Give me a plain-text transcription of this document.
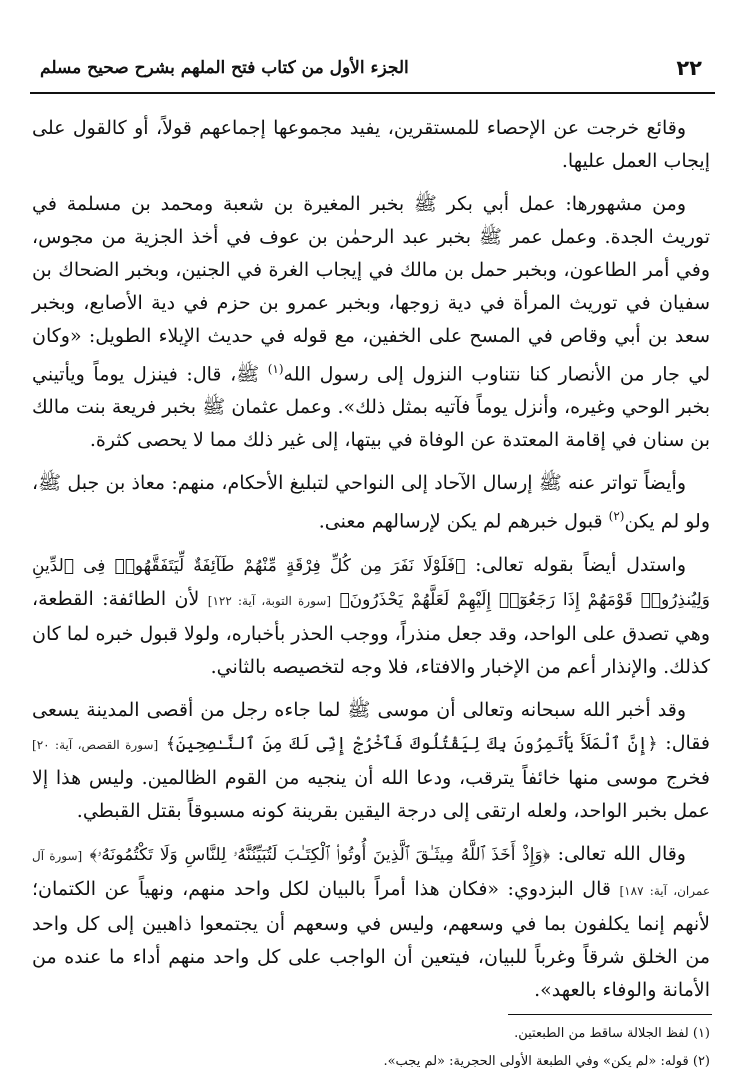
٢٢
الجزء الأول من كتاب فتح الملهم بشرح صحيح مسلم

وقائع خرجت عن الإحصاء للمستقرين، يفيد مجموعها إجماعهم قولاً، أو كالقول على إيجاب العمل عليها.

ومن مشهورها: عمل أبي بكر ﷺ بخبر المغيرة بن شعبة ومحمد بن مسلمة في توريث الجدة. وعمل عمر ﷺ بخبر عبد الرحمٰن بن عوف في أخذ الجزية من مجوس، وفي أمر الطاعون، وبخبر حمل بن مالك في إيجاب الغرة في الجنين، وبخبر الضحاك بن سفيان في توريث المرأة في دية زوجها، وبخبر عمرو بن حزم في دية الأصابع، وبخبر سعد بن أبي وقاص في المسح على الخفين، مع قوله في حديث الإيلاء الطويل: «وكان لي جار من الأنصار كنا نتناوب النزول إلى رسول الله$^{(١)}$ ﷺ، قال: فينزل يوماً ويأتيني بخبر الوحي وغيره، وأنزل يوماً فآتيه بمثل ذلك». وعمل عثمان ﷺ بخبر فريعة بنت مالك بن سنان في إقامة المعتدة عن الوفاة في بيتها، إلى غير ذلك مما لا يحصى كثرة.

وأيضاً تواتر عنه ﷺ إرسال الآحاد إلى النواحي لتبليغ الأحكام، منهم: معاذ بن جبل ﷺ، ولو لم يكن$^{(٢)}$ قبول خبرهم لم يكن لإرسالهم معنى.

واستدل أيضاً بقوله تعالى: ﴿فَلَوْلَا نَفَرَ مِن كُلِّ فِرْقَةٍ مِّنْهُمْ طَآئِفَةٌ لِّيَتَفَقَّهُوا۟ فِى ٱلدِّينِ وَلِيُنذِرُوا۟ قَوْمَهُمْ إِذَا رَجَعُوٓا۟ إِلَيْهِمْ لَعَلَّهُمْ يَحْذَرُونَ﴾ [سورة التوبة، آية: ١٢٢] لأن الطائفة: القطعة، وهي تصدق على الواحد، وقد جعل منذراً، ووجب الحذر بأخباره، ولولا قبول خبره لما كان كذلك. والإنذار أعم من الإخبار والافتاء، فلا وجه لتخصيصه بالثاني.

وقد أخبر الله سبحانه وتعالى أن موسى ﷺ لما جاءه رجل من أقصى المدينة يسعى فقال: ﴿إِنَّ ٱلْمَلَأَ يَأْتَمِرُونَ بِكَ لِيَقْتُلُوكَ فَٱخْرُجْ إِنِّى لَكَ مِنَ ٱلنَّـٰصِحِينَ﴾ [سورة القصص، آية: ٢٠] فخرج موسى منها خائفاً يترقب، ودعا الله أن ينجيه من القوم الظالمين. وليس هذا إلا عمل بخبر الواحد، ولعله ارتقى إلى درجة اليقين بقرينة كونه مسبوقاً بقتل القبطي.

وقال الله تعالى: ﴿وَإِذْ أَخَذَ ٱللَّهُ مِيثَـٰقَ ٱلَّذِينَ أُوتُوا۟ ٱلْكِتَـٰبَ لَتُبَيِّنُنَّهُۥ لِلنَّاسِ وَلَا تَكْتُمُونَهُۥ﴾ [سورة آل عمران، آية: ١٨٧] قال البزدوي: «فكان هذا أمراً بالبيان لكل واحد منهم، ونهياً عن الكتمان؛ لأنهم إنما يكلفون بما في وسعهم، وليس في وسعهم أن يجتمعوا ذاهبين إلى كل واحد من الخلق شرقاً وغرباً للبيان، فيتعين أن الواجب على كل واحد منهم أداء ما عنده من الأمانة والوفاء بالعهد».

(١) لفظ الجلالة ساقط من الطبعتين.
(٢) قوله: «لم يكن» وفي الطبعة الأولى الحجرية: «لم يجب».
